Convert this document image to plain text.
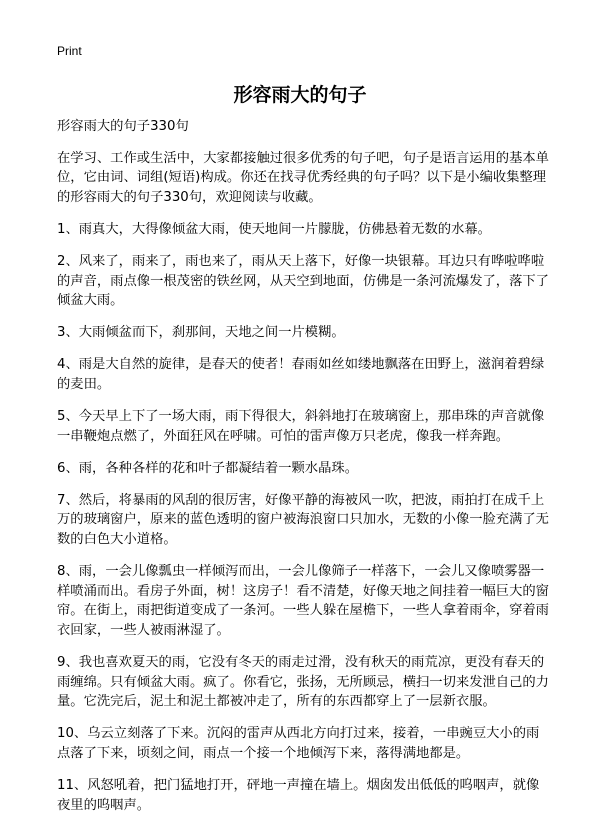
Print
形容雨大的句子

形容雨大的句子330句

在学习、工作或生活中，大家都接触过很多优秀的句子吧，句子是语言运用的基本单位，它由词、词组(短语)构成。你还在找寻优秀经典的句子吗？以下是小编收集整理的形容雨大的句子330句，欢迎阅读与收藏。

1、雨真大，大得像倾盆大雨，使天地间一片朦胧，仿佛悬着无数的水幕。

2、风来了，雨来了，雨也来了，雨从天上落下，好像一块银幕。耳边只有哗啦哗啦的声音，雨点像一根茂密的铁丝网，从天空到地面，仿佛是一条河流爆发了，落下了倾盆大雨。

3、大雨倾盆而下，刹那间，天地之间一片模糊。

4、雨是大自然的旋律，是春天的使者！春雨如丝如缕地飘落在田野上，滋润着碧绿的麦田。

5、今天早上下了一场大雨，雨下得很大，斜斜地打在玻璃窗上，那串珠的声音就像一串鞭炮点燃了，外面狂风在呼啸。可怕的雷声像万只老虎，像我一样奔跑。

6、雨，各种各样的花和叶子都凝结着一颗水晶珠。

7、然后，将暴雨的风刮的很厉害，好像平静的海被风一吹，把波，雨拍打在成千上万的玻璃窗户，原来的蓝色透明的窗户被海浪窗口只加水，无数的小像一脸充满了无数的白色大小道格。

8、雨，一会儿像瓢虫一样倾泻而出，一会儿像筛子一样落下，一会儿又像喷雾器一样喷涌而出。看房子外面，树！这房子！看不清楚，好像天地之间挂着一幅巨大的窗帘。在街上，雨把街道变成了一条河。一些人躲在屋檐下，一些人拿着雨伞，穿着雨衣回家，一些人被雨淋湿了。

9、我也喜欢夏天的雨，它没有冬天的雨走过滑，没有秋天的雨荒凉，更没有春天的雨缠绵。只有倾盆大雨。疯了。你看它，张扬，无所顾忌，横扫一切来发泄自己的力量。它洗完后，泥土和泥土都被冲走了，所有的东西都穿上了一层新衣服。

10、乌云立刻落了下来。沉闷的雷声从西北方向打过来，接着，一串豌豆大小的雨点落了下来，顷刻之间，雨点一个接一个地倾泻下来，落得满地都是。

11、风怒吼着，把门猛地打开，砰地一声撞在墙上。烟囱发出低低的呜咽声，就像夜里的呜咽声。
